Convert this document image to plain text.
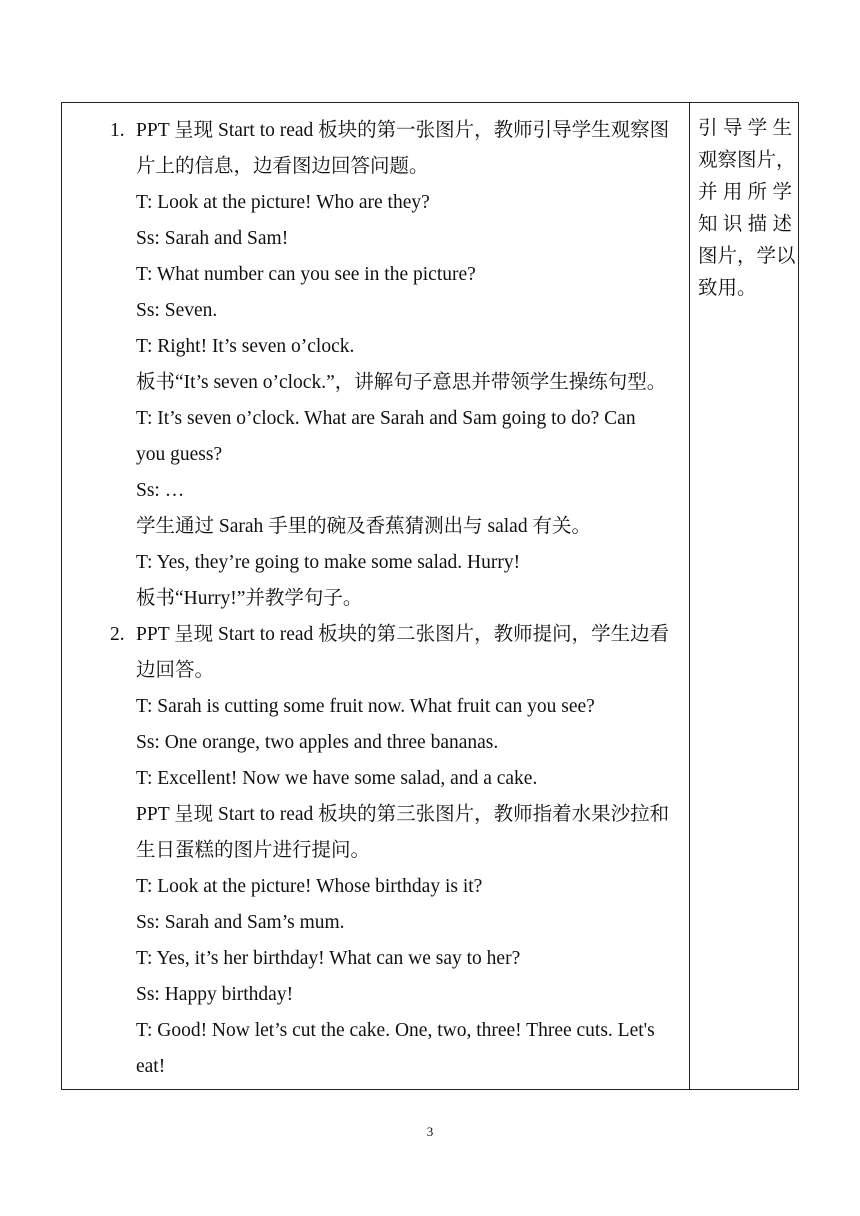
1.
2.
PPT 呈现 Start to read 板块的第一张图片，教师引导学生观察图
片上的信息，边看图边回答问题。
T: Look at the picture! Who are they?
Ss: Sarah and Sam!
T: What number can you see in the picture?
Ss: Seven.
T: Right! It’s seven o’clock.
板书“It’s seven o’clock.”，讲解句子意思并带领学生操练句型。
T: It’s seven o’clock. What are Sarah and Sam going to do? Can
you guess?
Ss: …
学生通过 Sarah 手里的碗及香蕉猜测出与 salad 有关。
T: Yes, they’re going to make some salad. Hurry!
板书“Hurry!”并教学句子。
PPT 呈现 Start to read 板块的第二张图片，教师提问，学生边看
边回答。
T: Sarah is cutting some fruit now. What fruit can you see?
Ss: One orange, two apples and three bananas.
T: Excellent! Now we have some salad, and a cake.
PPT 呈现 Start to read 板块的第三张图片，教师指着水果沙拉和
生日蛋糕的图片进行提问。
T: Look at the picture! Whose birthday is it?
Ss: Sarah and Sam’s mum.
T: Yes, it’s her birthday! What can we say to her?
Ss: Happy birthday!
T: Good! Now let’s cut the cake. One, two, three! Three cuts. Let's
eat!
引 导 学 生
观察图片，
并 用 所 学
知 识 描 述
图片，学以
致用。
3
